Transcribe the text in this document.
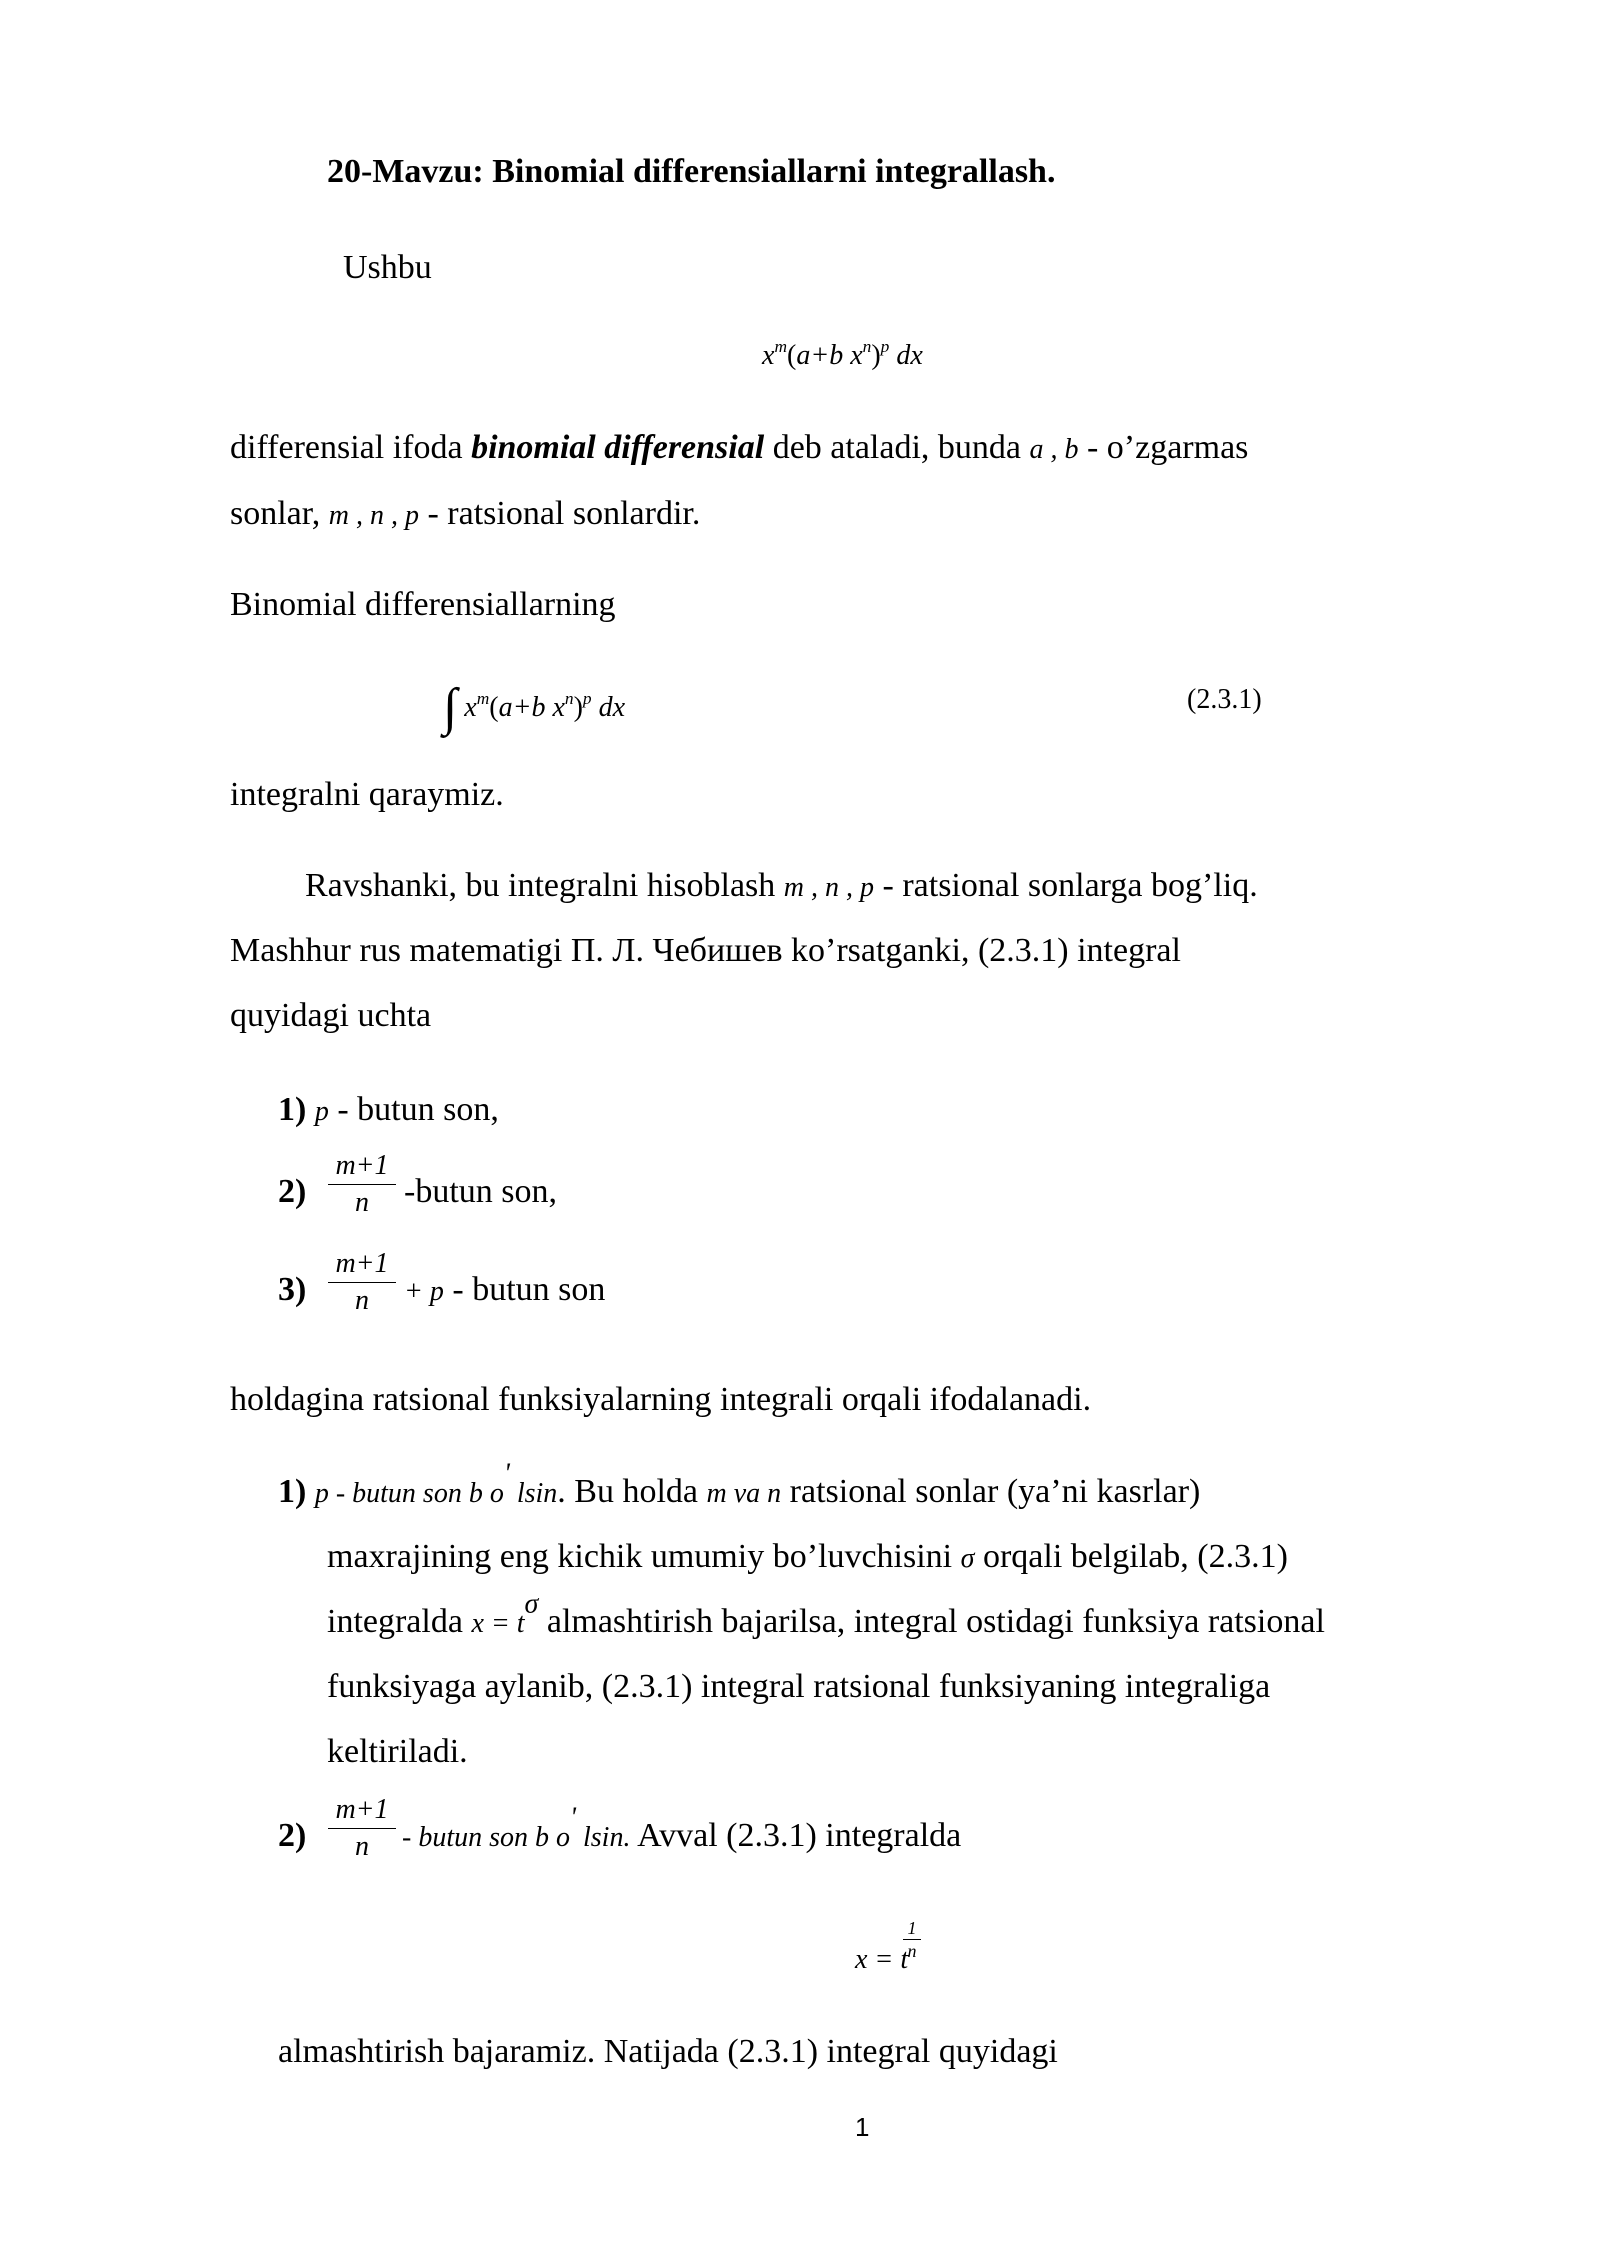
20-Mavzu: Binomial differensiallarni integrallash.
Ushbu
$x^m(a+b$ $x^n)^p$ dx
differensial ifoda binomial differensial deb ataladi, bunda a , b - o’zgarmas
sonlar, m , n , p - ratsional sonlardir.
Binomial differensiallarning
∫ $x^m(a+b$ $x^n)^p$ dx	(2.3.1)
integralni qaraymiz.
Ravshanki, bu integralni hisoblash m , n , p - ratsional sonlarga bog’liq.
Mashhur rus matematigi П. Л. Чебишев ko’rsatganki, (2.3.1) integral
quyidagi uchta
1) p - butun son,
2)
m+1
n	-butun son,
3)
m+1
n	+ p - butun son
holdagina ratsional funksiyalarning integrali orqali ifodalanadi.
1) p - butun son b o' lsin. Bu holda m va n ratsional sonlar (ya’ni kasrlar)
maxrajining eng kichik umumiy bo’luvchisini σ orqali belgilab, (2.3.1)
integralda $x = t^\sigma$ almashtirish bajarilsa, integral ostidagi funksiya ratsional
funksiyaga aylanib, (2.3.1) integral ratsional funksiyaning integraliga
keltiriladi.
2)
m+1
n	- butun son b o' lsin. Avval (2.3.1) integralda
x = t
1
n
almashtirish bajaramiz. Natijada (2.3.1) integral quyidagi
1
